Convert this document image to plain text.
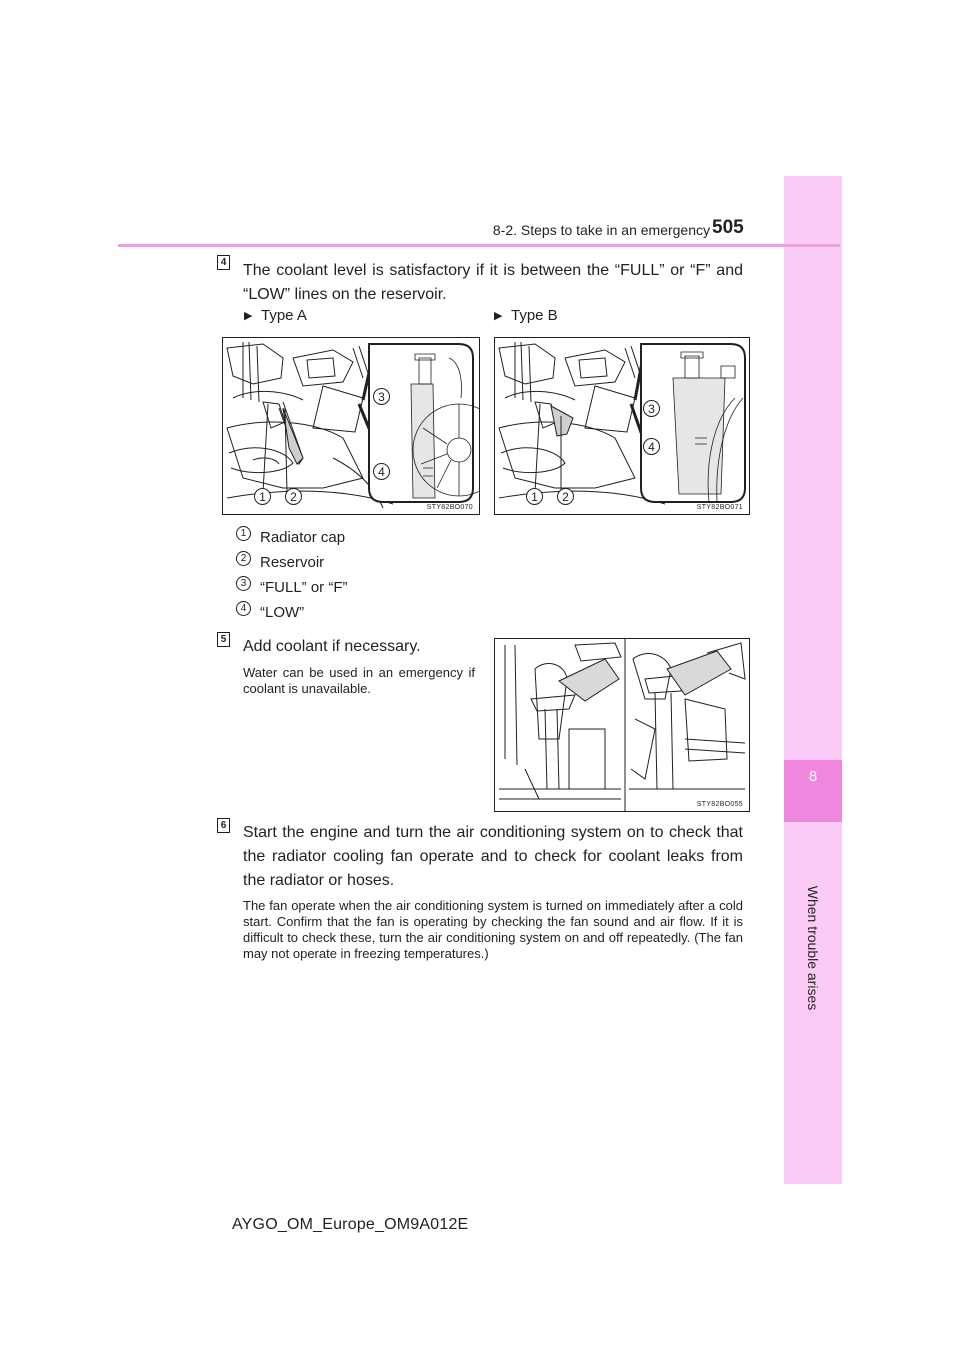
8
When trouble arises
8-2. Steps to take in an emergency 505
4 The coolant level is satisfactory if it is between the “FULL” or “F” and “LOW” lines on the reservoir.
▶ Type A	▶ Type B
STY82BO070
1	2
3
4
STY82BO071
1	2
3
4
1 Radiator cap
2 Reservoir
3 “FULL” or “F”
4 “LOW”
5 Add coolant if necessary.
Water can be used in an emergency if coolant is unavailable.
STY82BO055
6 Start the engine and turn the air conditioning system on to check that the radiator cooling fan operate and to check for coolant leaks from the radiator or hoses.
The fan operate when the air conditioning system is turned on immediately after a cold start. Confirm that the fan is operating by checking the fan sound and air flow. If it is difficult to check these, turn the air conditioning system on and off repeatedly. (The fan may not operate in freezing temperatures.)
AYGO_OM_Europe_OM9A012E
